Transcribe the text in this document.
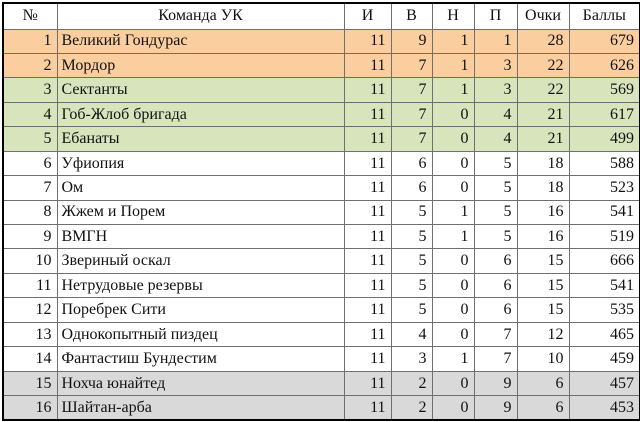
№	Команда УК	И	В	Н	П	Очки	Баллы
1	Великий Гондурас	11	9	1	1	28	679
2	Мордор	11	7	1	3	22	626
3	Сектанты	11	7	1	3	22	569
4	Гоб-Жлоб бригада	11	7	0	4	21	617
5	Ебанаты	11	7	0	4	21	499
6	Уфиопия	11	6	0	5	18	588
7	Ом	11	6	0	5	18	523
8	Жжем и Порем	11	5	1	5	16	541
9	ВМГН	11	5	1	5	16	519
10	Звериный оскал	11	5	0	6	15	666
11	Нетрудовые резервы	11	5	0	6	15	541
12	Поребрек Сити	11	5	0	6	15	535
13	Однокопытный пиздец	11	4	0	7	12	465
14	Фантастиш Бундестим	11	3	1	7	10	459
15	Нохча юнайтед	11	2	0	9	6	457
16	Шайтан-арба	11	2	0	9	6	453
